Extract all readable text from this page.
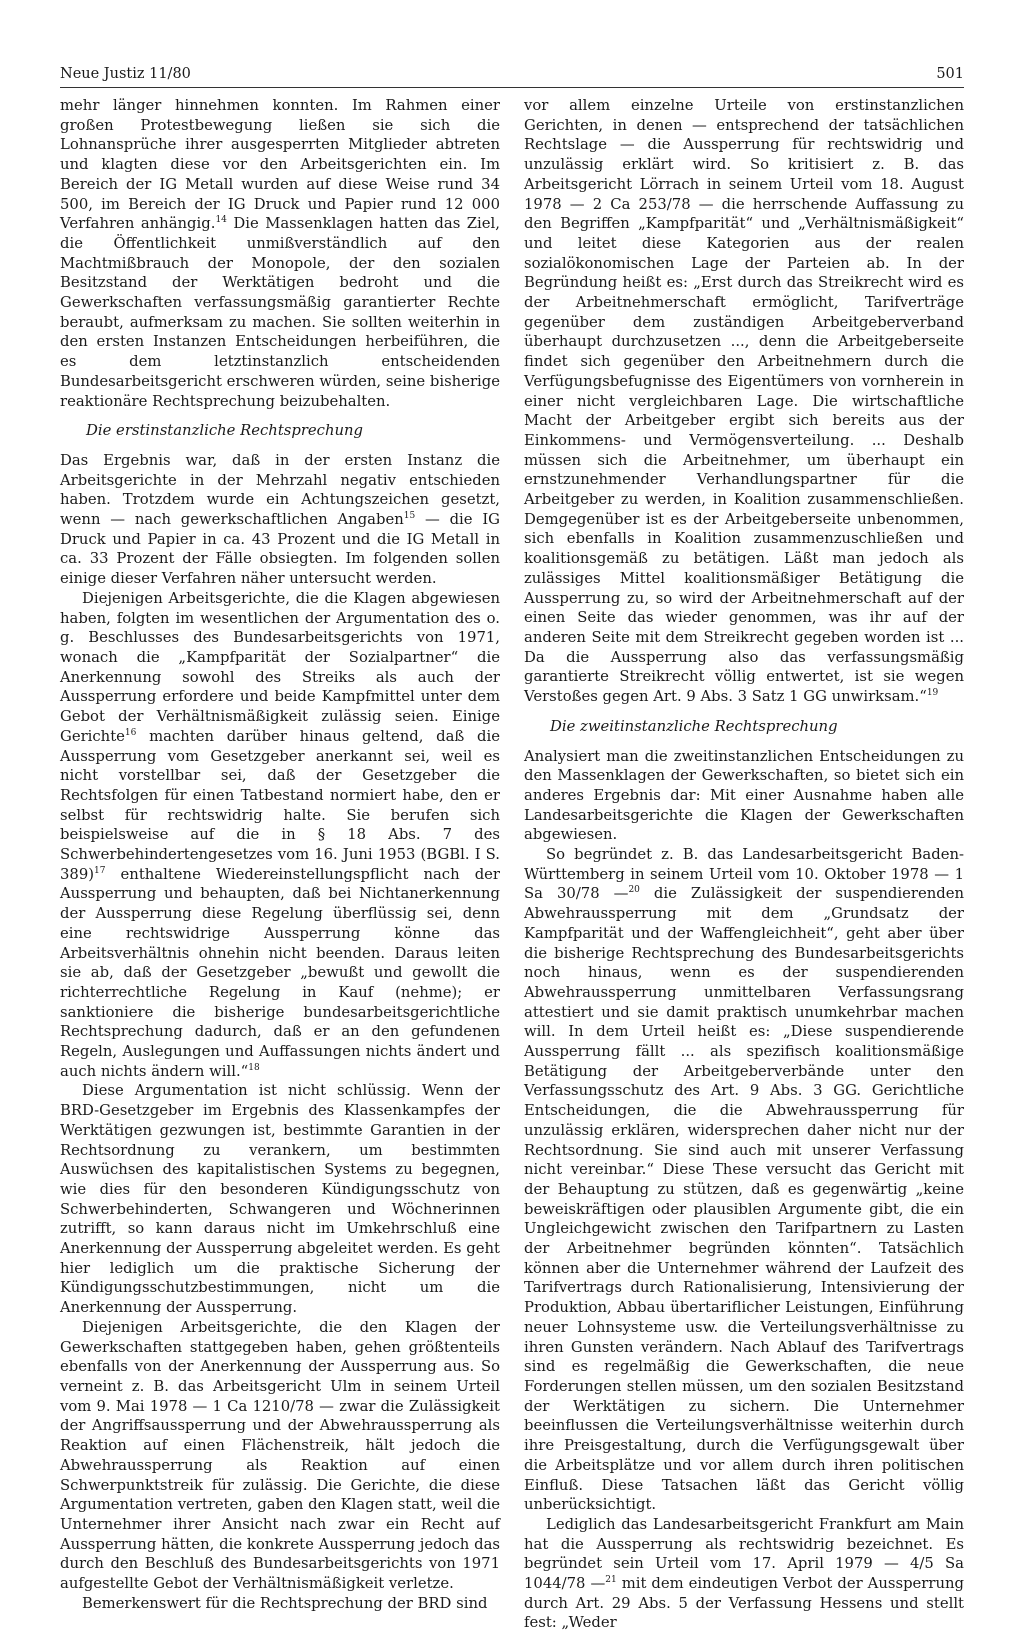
Neue Justiz 11/80	501

mehr länger hinnehmen konnten. Im Rahmen einer großen Protestbewegung ließen sie sich die Lohnansprüche ihrer ausgesperrten Mitglieder abtreten und klagten diese vor den Arbeitsgerichten ein. Im Bereich der IG Metall wurden auf diese Weise rund 34 500, im Bereich der IG Druck und Papier rund 12 000 Verfahren anhängig.$^{14}$ Die Massenklagen hatten das Ziel, die Öffentlichkeit unmißverständlich auf den Machtmißbrauch der Monopole, der den sozialen Besitzstand der Werktätigen bedroht und die Gewerkschaften verfassungsmäßig garantierter Rechte beraubt, aufmerksam zu machen. Sie sollten weiterhin in den ersten Instanzen Entscheidungen herbeiführen, die es dem letztinstanzlich entscheidenden Bundesarbeitsgericht erschweren würden, seine bisherige reaktionäre Rechtsprechung beizubehalten.

Die erstinstanzliche Rechtsprechung

Das Ergebnis war, daß in der ersten Instanz die Arbeitsgerichte in der Mehrzahl negativ entschieden haben. Trotzdem wurde ein Achtungszeichen gesetzt, wenn — nach gewerkschaftlichen Angaben$^{15}$ — die IG Druck und Papier in ca. 43 Prozent und die IG Metall in ca. 33 Prozent der Fälle obsiegten. Im folgenden sollen einige dieser Verfahren näher untersucht werden.

Diejenigen Arbeitsgerichte, die die Klagen abgewiesen haben, folgten im wesentlichen der Argumentation des o. g. Beschlusses des Bundesarbeitsgerichts von 1971, wonach die „Kampfparität der Sozialpartner“ die Anerkennung sowohl des Streiks als auch der Aussperrung erfordere und beide Kampfmittel unter dem Gebot der Verhältnismäßigkeit zulässig seien. Einige Gerichte$^{16}$ machten darüber hinaus geltend, daß die Aussperrung vom Gesetzgeber anerkannt sei, weil es nicht vorstellbar sei, daß der Gesetzgeber die Rechtsfolgen für einen Tatbestand normiert habe, den er selbst für rechtswidrig halte. Sie berufen sich beispielsweise auf die in § 18 Abs. 7 des Schwerbehindertengesetzes vom 16. Juni 1953 (BGBl. I S. 389)$^{17}$ enthaltene Wiedereinstellungspflicht nach der Aussperrung und behaupten, daß bei Nichtanerkennung der Aussperrung diese Regelung überflüssig sei, denn eine rechtswidrige Aussperrung könne das Arbeitsverhältnis ohnehin nicht beenden. Daraus leiten sie ab, daß der Gesetzgeber „bewußt und gewollt die richterrechtliche Regelung in Kauf (nehme); er sanktioniere die bisherige bundesarbeitsgerichtliche Rechtsprechung dadurch, daß er an den gefundenen Regeln, Auslegungen und Auffassungen nichts ändert und auch nichts ändern will.“$^{18}$

Diese Argumentation ist nicht schlüssig. Wenn der BRD-Gesetzgeber im Ergebnis des Klassenkampfes der Werktätigen gezwungen ist, bestimmte Garantien in der Rechtsordnung zu verankern, um bestimmten Auswüchsen des kapitalistischen Systems zu begegnen, wie dies für den besonderen Kündigungsschutz von Schwerbehinderten, Schwangeren und Wöchnerinnen zutrifft, so kann daraus nicht im Umkehrschluß eine Anerkennung der Aussperrung abgeleitet werden. Es geht hier lediglich um die praktische Sicherung der Kündigungsschutzbestimmungen, nicht um die Anerkennung der Aussperrung.

Diejenigen Arbeitsgerichte, die den Klagen der Gewerkschaften stattgegeben haben, gehen größtenteils ebenfalls von der Anerkennung der Aussperrung aus. So verneint z. B. das Arbeitsgericht Ulm in seinem Urteil vom 9. Mai 1978 — 1 Ca 1210/78 — zwar die Zulässigkeit der Angriffsaussperrung und der Abwehraussperrung als Reaktion auf einen Flächenstreik, hält jedoch die Abwehraussperrung als Reaktion auf einen Schwerpunktstreik für zulässig. Die Gerichte, die diese Argumentation vertreten, gaben den Klagen statt, weil die Unternehmer ihrer Ansicht nach zwar ein Recht auf Aussperrung hätten, die konkrete Aussperrung jedoch das durch den Beschluß des Bundesarbeitsgerichts von 1971 aufgestellte Gebot der Verhältnismäßigkeit verletze.

Bemerkenswert für die Rechtsprechung der BRD sind

vor allem einzelne Urteile von erstinstanzlichen Gerichten, in denen — entsprechend der tatsächlichen Rechtslage — die Aussperrung für rechtswidrig und unzulässig erklärt wird. So kritisiert z. B. das Arbeitsgericht Lörrach in seinem Urteil vom 18. August 1978 — 2 Ca 253/78 — die herrschende Auffassung zu den Begriffen „Kampfparität“ und „Verhältnismäßigkeit“ und leitet diese Kategorien aus der realen sozialökonomischen Lage der Parteien ab. In der Begründung heißt es: „Erst durch das Streikrecht wird es der Arbeitnehmerschaft ermöglicht, Tarifverträge gegenüber dem zuständigen Arbeitgeberverband überhaupt durchzusetzen ..., denn die Arbeitgeberseite findet sich gegenüber den Arbeitnehmern durch die Verfügungsbefugnisse des Eigentümers von vornherein in einer nicht vergleichbaren Lage. Die wirtschaftliche Macht der Arbeitgeber ergibt sich bereits aus der Einkommens- und Vermögensverteilung. ... Deshalb müssen sich die Arbeitnehmer, um überhaupt ein ernstzunehmender Verhandlungspartner für die Arbeitgeber zu werden, in Koalition zusammenschließen. Demgegenüber ist es der Arbeitgeberseite unbenommen, sich ebenfalls in Koalition zusammenzuschließen und koalitionsgemäß zu betätigen. Läßt man jedoch als zulässiges Mittel koalitionsmäßiger Betätigung die Aussperrung zu, so wird der Arbeitnehmerschaft auf der einen Seite das wieder genommen, was ihr auf der anderen Seite mit dem Streikrecht gegeben worden ist ... Da die Aussperrung also das verfassungsmäßig garantierte Streikrecht völlig entwertet, ist sie wegen Verstoßes gegen Art. 9 Abs. 3 Satz 1 GG unwirksam.“$^{19}$

Die zweitinstanzliche Rechtsprechung

Analysiert man die zweitinstanzlichen Entscheidungen zu den Massenklagen der Gewerkschaften, so bietet sich ein anderes Ergebnis dar: Mit einer Ausnahme haben alle Landesarbeitsgerichte die Klagen der Gewerkschaften abgewiesen.

So begründet z. B. das Landesarbeitsgericht Baden-Württemberg in seinem Urteil vom 10. Oktober 1978 — 1 Sa 30/78 —$^{20}$ die Zulässigkeit der suspendierenden Abwehraussperrung mit dem „Grundsatz der Kampfparität und der Waffengleichheit“, geht aber über die bisherige Rechtsprechung des Bundesarbeitsgerichts noch hinaus, wenn es der suspendierenden Abwehraussperrung unmittelbaren Verfassungsrang attestiert und sie damit praktisch unumkehrbar machen will. In dem Urteil heißt es: „Diese suspendierende Aussperrung fällt ... als spezifisch koalitionsmäßige Betätigung der Arbeitgeberverbände unter den Verfassungsschutz des Art. 9 Abs. 3 GG. Gerichtliche Entscheidungen, die die Abwehraussperrung für unzulässig erklären, widersprechen daher nicht nur der Rechtsordnung. Sie sind auch mit unserer Verfassung nicht vereinbar.“ Diese These versucht das Gericht mit der Behauptung zu stützen, daß es gegenwärtig „keine beweiskräftigen oder plausiblen Argumente gibt, die ein Ungleichgewicht zwischen den Tarifpartnern zu Lasten der Arbeitnehmer begründen könnten“. Tatsächlich können aber die Unternehmer während der Laufzeit des Tarifvertrags durch Rationalisierung, Intensivierung der Produktion, Abbau übertariflicher Leistungen, Einführung neuer Lohnsysteme usw. die Verteilungsverhältnisse zu ihren Gunsten verändern. Nach Ablauf des Tarifvertrags sind es regelmäßig die Gewerkschaften, die neue Forderungen stellen müssen, um den sozialen Besitzstand der Werktätigen zu sichern. Die Unternehmer beeinflussen die Verteilungsverhältnisse weiterhin durch ihre Preisgestaltung, durch die Verfügungsgewalt über die Arbeitsplätze und vor allem durch ihren politischen Einfluß. Diese Tatsachen läßt das Gericht völlig unberücksichtigt.

Lediglich das Landesarbeitsgericht Frankfurt am Main hat die Aussperrung als rechtswidrig bezeichnet. Es begründet sein Urteil vom 17. April 1979 — 4/5 Sa 1044/78 —$^{21}$ mit dem eindeutigen Verbot der Aussperrung durch Art. 29 Abs. 5 der Verfassung Hessens und stellt fest: „Weder
